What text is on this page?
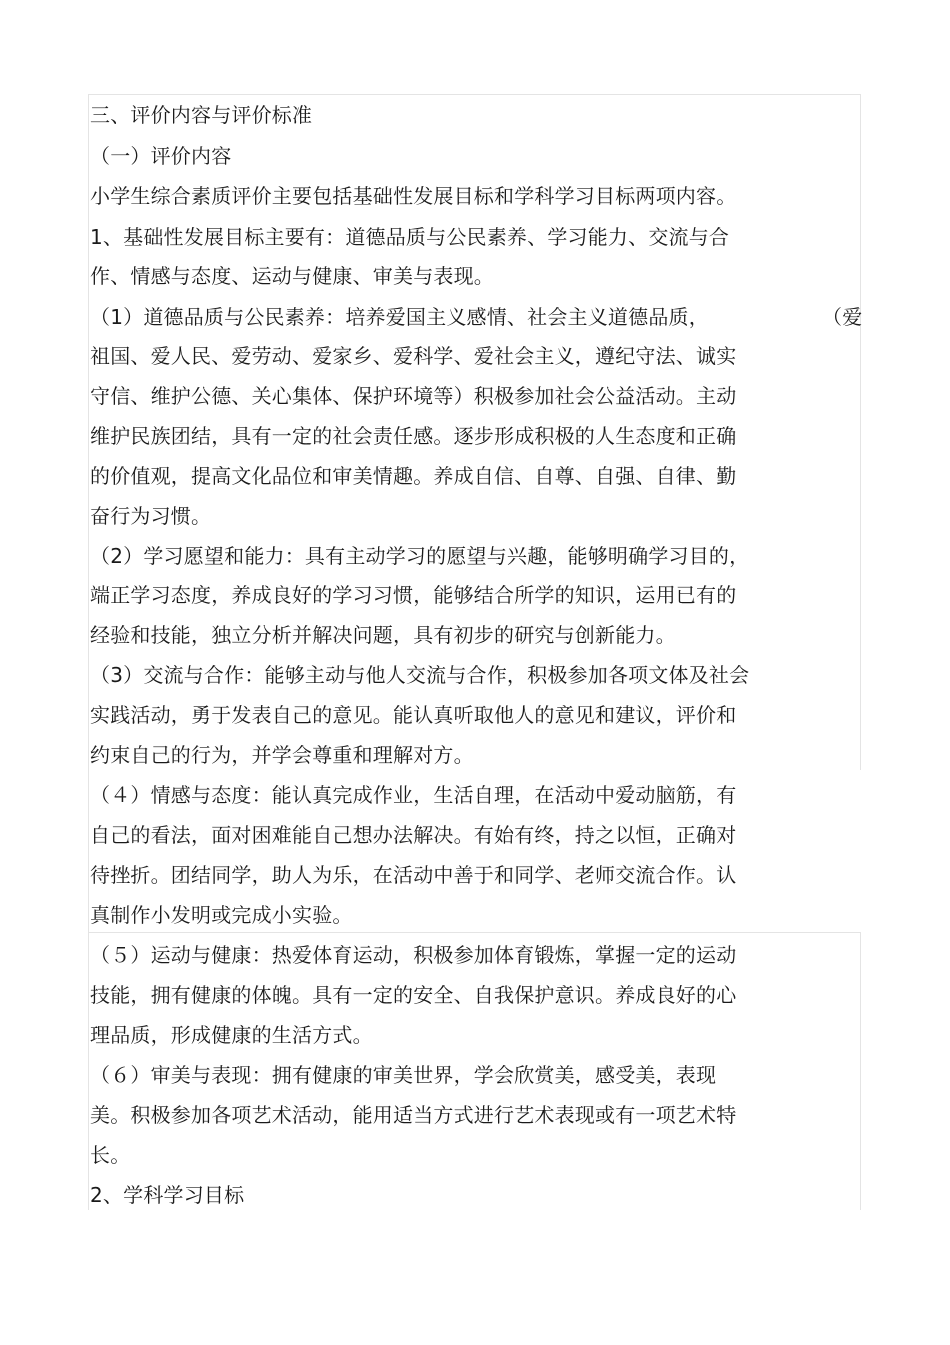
三、评价内容与评价标准
（一）评价内容
小学生综合素质评价主要包括基础性发展目标和学科学习目标两项内容。
1、基础性发展目标主要有：道德品质与公民素养、学习能力、交流与合
作、情感与态度、运动与健康、审美与表现。
（1）道德品质与公民素养：培养爱国主义感情、社会主义道德品质，	（爱
祖国、爱人民、爱劳动、爱家乡、爱科学、爱社会主义，遵纪守法、诚实
守信、维护公德、关心集体、保护环境等）积极参加社会公益活动。主动
维护民族团结，具有一定的社会责任感。逐步形成积极的人生态度和正确
的价值观，提高文化品位和审美情趣。养成自信、自尊、自强、自律、勤
奋行为习惯。
（2）学习愿望和能力：具有主动学习的愿望与兴趣，能够明确学习目的，
端正学习态度，养成良好的学习习惯，能够结合所学的知识，运用已有的
经验和技能，独立分析并解决问题，具有初步的研究与创新能力。
（3）交流与合作：能够主动与他人交流与合作，积极参加各项文体及社会
实践活动，勇于发表自己的意见。能认真听取他人的意见和建议，评价和
约束自己的行为，并学会尊重和理解对方。
（４）情感与态度：能认真完成作业，生活自理，在活动中爱动脑筋，有
自己的看法，面对困难能自己想办法解决。有始有终，持之以恒，正确对
待挫折。团结同学，助人为乐，在活动中善于和同学、老师交流合作。认
真制作小发明或完成小实验。
（５）运动与健康：热爱体育运动，积极参加体育锻炼，掌握一定的运动
技能，拥有健康的体魄。具有一定的安全、自我保护意识。养成良好的心
理品质，形成健康的生活方式。
（６）审美与表现：拥有健康的审美世界，学会欣赏美，感受美，表现
美。积极参加各项艺术活动，能用适当方式进行艺术表现或有一项艺术特
长。
2、学科学习目标
